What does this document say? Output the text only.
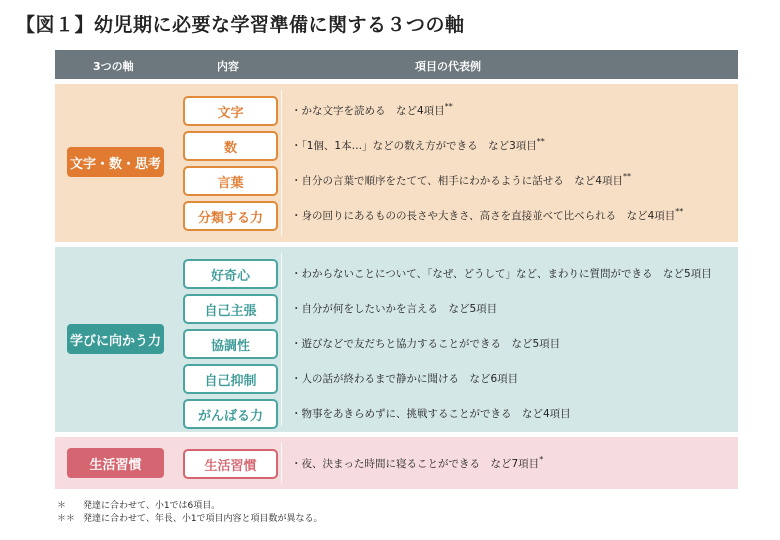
【図１】幼児期に必要な学習準備に関する３つの軸
3つの軸	内容	項目の代表例
文字・数・思考
文字	・かな文字を読める　など4項目**
数	・「1個、1本…」などの数え方ができる　など3項目**
言葉	・自分の言葉で順序をたてて、相手にわかるように話せる　など4項目**
分類する力	・身の回りにあるものの長さや大きさ、高さを直接並べて比べられる　など4項目**
学びに向かう力
好奇心	・わからないことについて、「なぜ、どうして」など、まわりに質問ができる　など5項目
自己主張	・自分が何をしたいかを言える　など5項目
協調性	・遊びなどで友だちと協力することができる　など5項目
自己抑制	・人の話が終わるまで静かに聞ける　など6項目
がんばる力	・物事をあきらめずに、挑戦することができる　など4項目
生活習慣	生活習慣	・夜、決まった時間に寝ることができる　など7項目*
＊ 発達に合わせて、小1では6項目。
＊＊ 発達に合わせて、年長、小1で項目内容と項目数が異なる。
